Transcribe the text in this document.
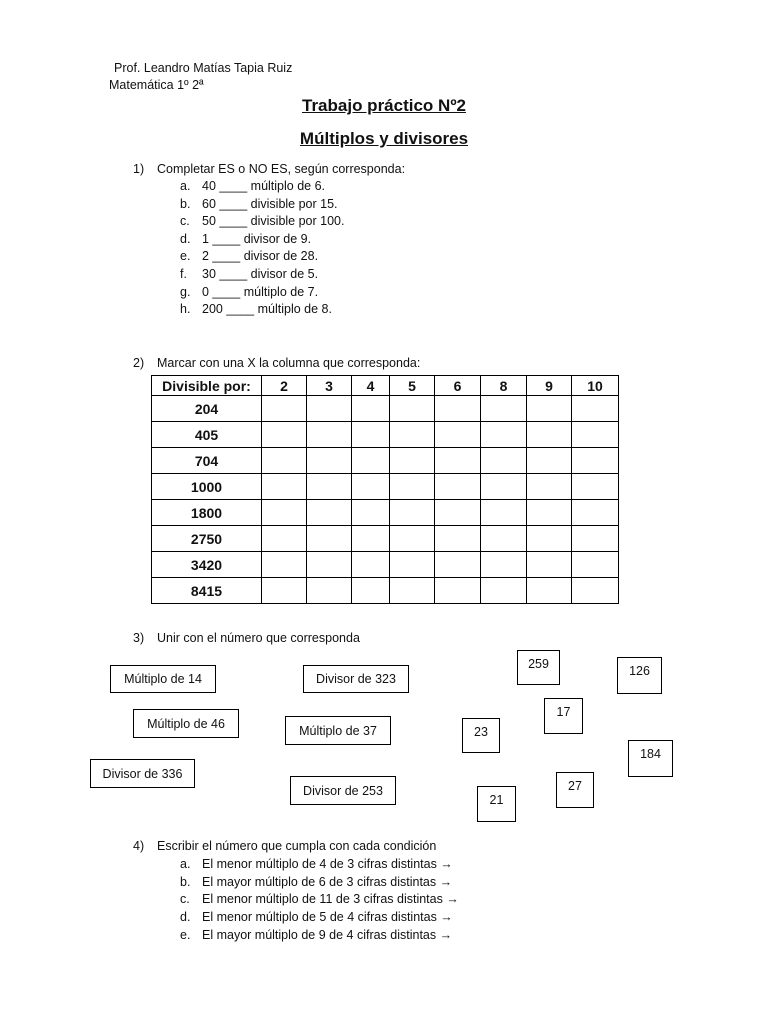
Prof. Leandro Matías Tapia Ruiz
Matemática 1º 2ª
Trabajo práctico Nº2
Múltiplos y divisores
1) Completar ES o NO ES, según corresponda:
a. 40 ____ múltiplo de 6.
b. 60 ____ divisible por 15.
c. 50 ____ divisible por 100.
d. 1 ____ divisor de 9.
e. 2 ____ divisor de 28.
f. 30 ____ divisor de 5.
g. 0 ____ múltiplo de 7.
h. 200 ____ múltiplo de 8.
2) Marcar con una X la columna que corresponda:
Divisible por:	2	3	4	5	6	8	9	10
204								
405								
704								
1000								
1800								
2750								
3420								
8415								
3) Unir con el número que corresponda
Múltiplo de 14	Divisor de 323
Múltiplo de 46	Múltiplo de 37
Divisor de 336
Divisor de 253
259	126
17
23
184
27
21
4) Escribir el número que cumpla con cada condición
a. El menor múltiplo de 4 de 3 cifras distintas →
b. El mayor múltiplo de 6 de 3 cifras distintas →
c. El menor múltiplo de 11 de 3 cifras distintas →
d. El menor múltiplo de 5 de 4 cifras distintas →
e. El mayor múltiplo de 9 de 4 cifras distintas →
